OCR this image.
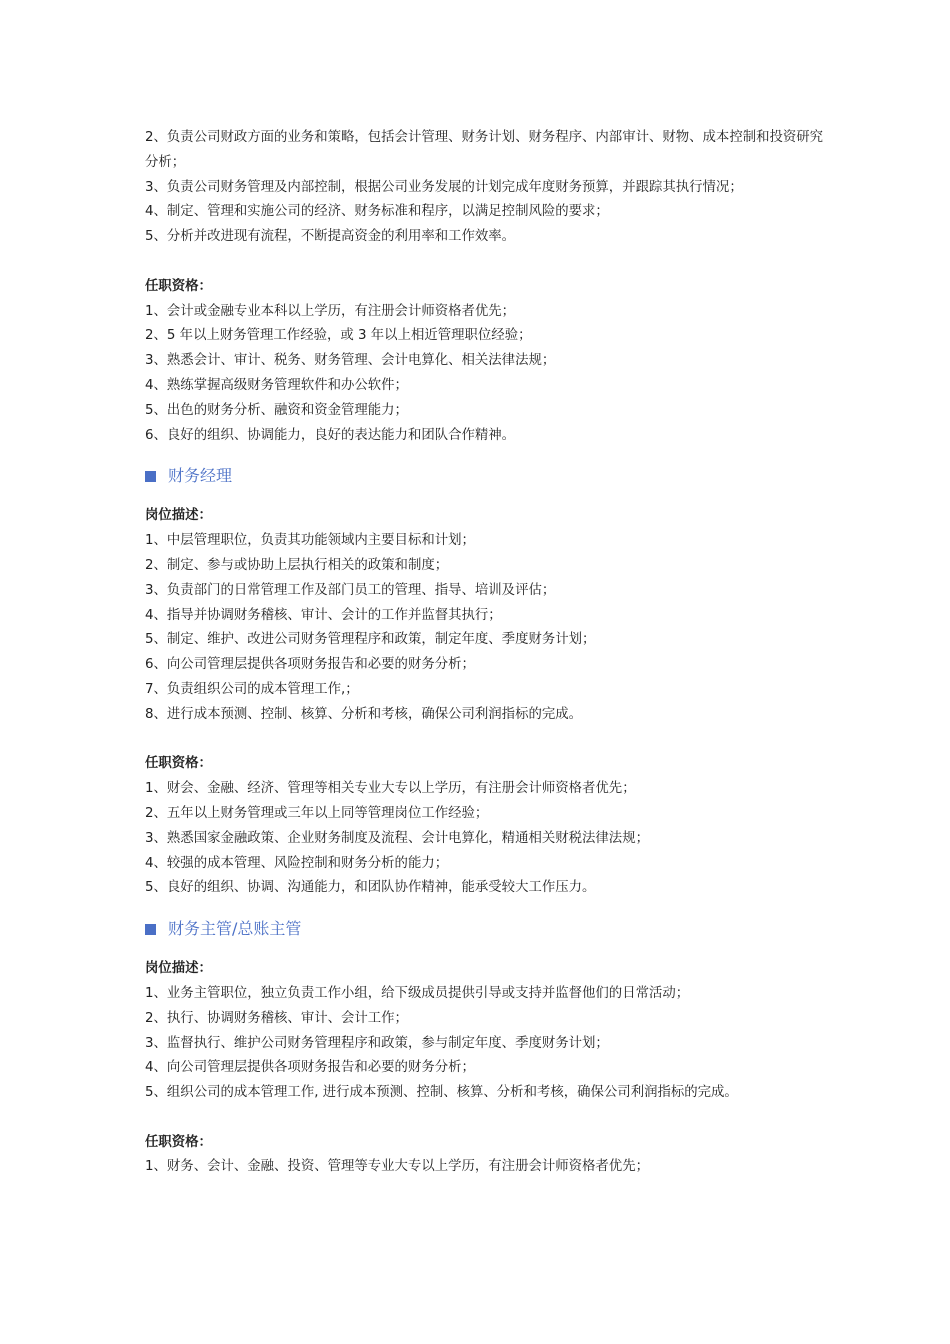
2、负责公司财政方面的业务和策略，包括会计管理、财务计划、财务程序、内部审计、财物、成本控制和投资研究分析；

3、负责公司财务管理及内部控制，根据公司业务发展的计划完成年度财务预算，并跟踪其执行情况；

4、制定、管理和实施公司的经济、财务标准和程序，以满足控制风险的要求；

5、分析并改进现有流程，不断提高资金的利用率和工作效率。

任职资格：

1、会计或金融专业本科以上学历，有注册会计师资格者优先；

2、5 年以上财务管理工作经验，或 3 年以上相近管理职位经验；

3、熟悉会计、审计、税务、财务管理、会计电算化、相关法律法规；

4、熟练掌握高级财务管理软件和办公软件；

5、出色的财务分析、融资和资金管理能力；

6、良好的组织、协调能力，良好的表达能力和团队合作精神。

财务经理

岗位描述：

1、中层管理职位，负责其功能领域内主要目标和计划；

2、制定、参与或协助上层执行相关的政策和制度；

3、负责部门的日常管理工作及部门员工的管理、指导、培训及评估；

4、指导并协调财务稽核、审计、会计的工作并监督其执行；

5、制定、维护、改进公司财务管理程序和政策，制定年度、季度财务计划；

6、向公司管理层提供各项财务报告和必要的财务分析；

7、负责组织公司的成本管理工作,；

8、进行成本预测、控制、核算、分析和考核，确保公司利润指标的完成。

任职资格：

1、财会、金融、经济、管理等相关专业大专以上学历，有注册会计师资格者优先；

2、五年以上财务管理或三年以上同等管理岗位工作经验；

3、熟悉国家金融政策、企业财务制度及流程、会计电算化，精通相关财税法律法规；

4、较强的成本管理、风险控制和财务分析的能力；

5、良好的组织、协调、沟通能力，和团队协作精神，能承受较大工作压力。

财务主管/总账主管

岗位描述：

1、业务主管职位，独立负责工作小组，给下级成员提供引导或支持并监督他们的日常活动；

2、执行、协调财务稽核、审计、会计工作；

3、监督执行、维护公司财务管理程序和政策，参与制定年度、季度财务计划；

4、向公司管理层提供各项财务报告和必要的财务分析；

5、组织公司的成本管理工作, 进行成本预测、控制、核算、分析和考核，确保公司利润指标的完成。

任职资格：

1、财务、会计、金融、投资、管理等专业大专以上学历，有注册会计师资格者优先；
